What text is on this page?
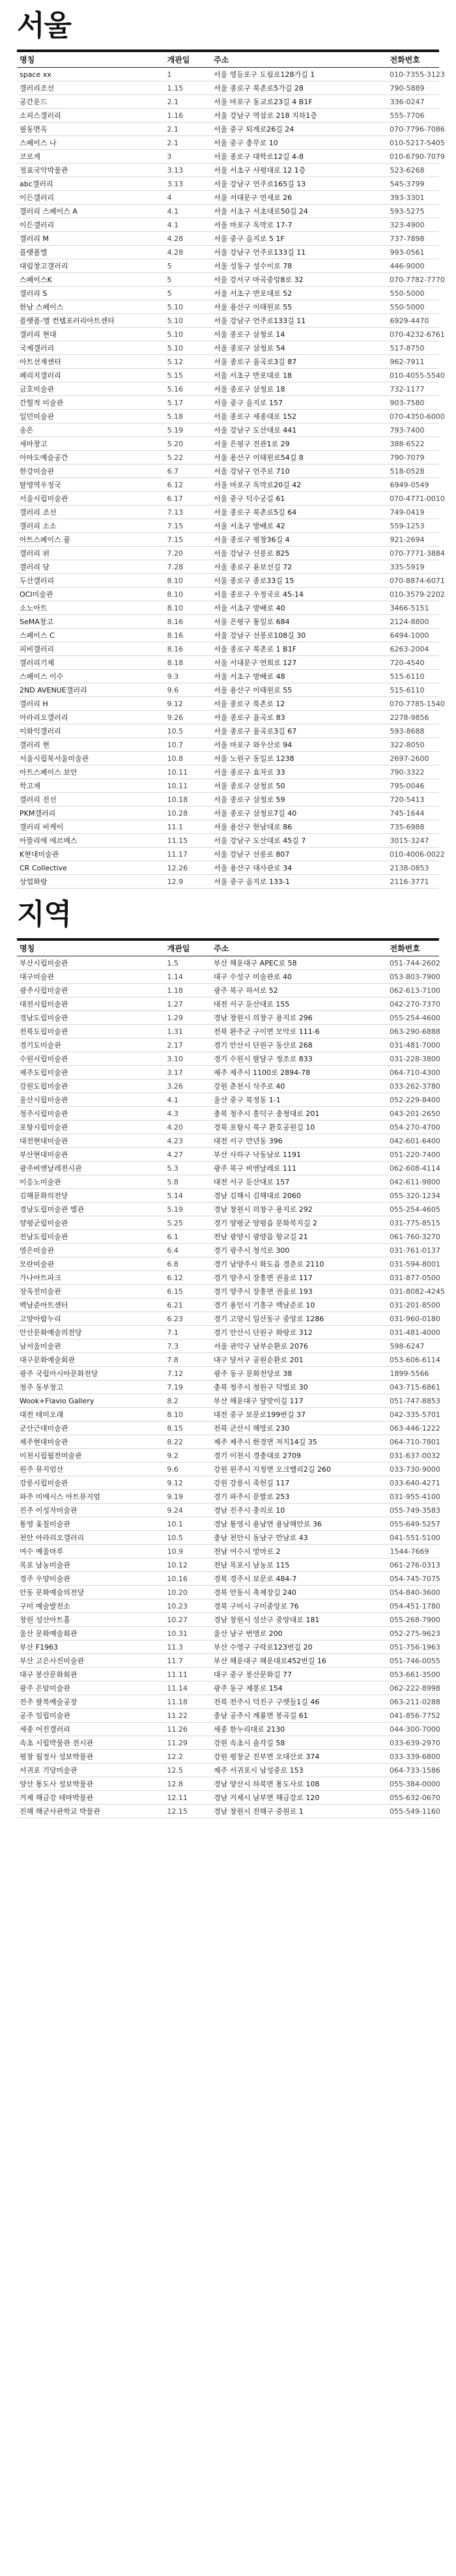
서울
명칭	개관일	주소	전화번호
space xx	1	서울 영등포구 도림로128가길 1	010-7355-3123
갤러리조선	1.15	서울 종로구 북촌로5가길 28	790-5889
공간운드	2.1	서울 마포구 동교로23길 4 B1F	336-0247
소피스갤러리	1.16	서울 강남구 역삼로 218 지하1층	555-7706
필동면옥	2.1	서울 중구 퇴계로26길 24	070-7796-7086
스페이스 나	2.1	서울 중구 충무로 10	010-5217-5405
코로게	3	서울 종로구 대학로12길 4-8	010-6790-7079
정표국악박물관	3.13	서울 서초구 사평대로 12 1층	523-6268
abc갤러리	3.13	서울 강남구 언주로165길 13	545-3799
이든갤러리	4	서울 서대문구 연세로 26	393-3301
갤러리 스페이스 A	4.1	서울 서초구 서초대로50길 24	593-5275
이든갤러리	4.1	서울 마포구 독막로 17-7	323-4900
갤러리 M	4.28	서울 중구 을지로 5 1F	737-7898
플랫폼엘	4.28	서울 강남구 언주로133길 11	993-0561
대림창고갤러리	5	서울 성동구 성수이로 78	446-9000
스페이스K	5	서울 강서구 마곡중앙8로 32	070-7782-7770
갤러리 S	5	서울 서초구 반포대로 52	550-5000
한남 스페이스	5.10	서울 용산구 이태원로 55	550-5000
플랫폼-엘 컨템포러리아트센터	5.10	서울 강남구 언주로133길 11	6929-4470
갤러리 현대	5.10	서울 종로구 삼청로 14	070-4232-6761
국제갤러리	5.10	서울 종로구 삼청로 54	517-8750
아트선재센터	5.12	서울 종로구 율곡로3길 87	962-7911
페리지갤러리	5.15	서울 서초구 반포대로 18	010-4055-5540
금호미술관	5.16	서울 종로구 삼청로 18	732-1177
간헐적 미술관	5.17	서울 중구 을지로 157	903-7580
일민미술관	5.18	서울 종로구 세종대로 152	070-4350-6000
송은	5.19	서울 강남구 도산대로 441	793-7400
세마창고	5.20	서울 은평구 진관1로 29	388-6522
아마도예술공간	5.22	서울 용산구 이태원로54길 8	790-7079
한강미술관	6.7	서울 강남구 언주로 710	518-0528
탈영역우정국	6.12	서울 마포구 독막로20길 42	6949-0549
서울시립미술관	6.17	서울 중구 덕수궁길 61	070-4771-0010
갤러리 조선	7.13	서울 종로구 북촌로5길 64	749-0419
갤러리 소소	7.15	서울 서초구 방배로 42	559-1253
아트스페이스 풀	7.15	서울 종로구 평창36길 4	921-2694
갤러리 위	7.20	서울 강남구 선릉로 825	070-7771-3884
갤러리 담	7.28	서울 종로구 윤보선길 72	335-5919
두산갤러리	8.10	서울 종로구 종로33길 15	070-8874-6071
OCI미술관	8.10	서울 종로구 우정국로 45-14	010-3579-2202
소노아트	8.10	서울 서초구 방배로 40	3466-5151
SeMA창고	8.16	서울 은평구 통일로 684	2124-8800
스페이스 C	8.16	서울 강남구 선릉로108길 30	6494-1000
피비갤러리	8.16	서울 종로구 북촌로 1 B1F	6263-2004
갤러리기체	8.18	서울 서대문구 연희로 127	720-4540
스페이스 이수	9.3	서울 서초구 방배로 48	515-6110
2ND AVENUE갤러리	9.6	서울 용산구 이태원로 55	515-6110
갤러리 H	9.12	서울 종로구 북촌로 12	070-7785-1540
아라리오갤러리	9.26	서울 종로구 율곡로 83	2278-9856
이화익갤러리	10.5	서울 종로구 율곡로3길 67	593-8688
갤러리 현	10.7	서울 마포구 와우산로 94	322-8050
서울시립북서울미술관	10.8	서울 노원구 동일로 1238	2697-2600
아트스페이스 보안	10.11	서울 종로구 효자로 33	790-3322
학고재	10.11	서울 종로구 삼청로 50	795-0046
갤러리 진선	10.18	서울 종로구 삼청로 59	720-5413
PKM갤러리	10.28	서울 종로구 삼청로7길 40	745-1644
갤러리 비케이	11.1	서울 용산구 한남대로 86	735-6988
아뜰리에 에르메스	11.15	서울 강남구 도산대로 45길 7	3015-3247
K현대미술관	11.17	서울 강남구 선릉로 807	010-4006-0022
CR Collective	12.26	서울 용산구 대사관로 34	2138-0853
상업화랑	12.9	서울 중구 을지로 133-1	2116-3771
지역
명칭	개관일	주소	전화번호
부산시립미술관	1.5	부산 해운대구 APEC로 58	051-744-2602
대구미술관	1.14	대구 수성구 미술관로 40	053-803-7900
광주시립미술관	1.18	광주 북구 하서로 52	062-613-7100
대전시립미술관	1.27	대전 서구 둔산대로 155	042-270-7370
경남도립미술관	1.29	경남 창원시 의창구 용지로 296	055-254-4600
전북도립미술관	1.31	전북 완주군 구이면 모악로 111-6	063-290-6888
경기도미술관	2.17	경기 안산시 단원구 동산로 268	031-481-7000
수원시립미술관	3.10	경기 수원시 팔달구 정조로 833	031-228-3800
제주도립미술관	3.17	제주 제주시 1100로 2894-78	064-710-4300
강원도립미술관	3.26	강원 춘천시 삭주로 40	033-262-3780
울산시립미술관	4.1	울산 중구 북정동 1-1	052-229-8400
청주시립미술관	4.3	충북 청주시 흥덕구 충청대로 201	043-201-2650
포항시립미술관	4.20	경북 포항시 북구 환호공원길 10	054-270-4700
대전현대미술관	4.23	대전 서구 만년동 396	042-601-6400
부산현대미술관	4.27	부산 사하구 낙동남로 1191	051-220-7400
광주비엔날레전시관	5.3	광주 북구 비엔날레로 111	062-608-4114
이응노미술관	5.8	대전 서구 둔산대로 157	042-611-9800
김해문화의전당	5.14	경남 김해시 김해대로 2060	055-320-1234
경남도립미술관 별관	5.19	경남 창원시 의창구 용지로 292	055-254-4605
양평군립미술관	5.25	경기 양평군 양평읍 문화복지길 2	031-775-8515
전남도립미술관	6.1	전남 광양시 광양읍 항교길 21	061-760-3270
영은미술관	6.4	경기 광주시 청석로 300	031-761-0137
모란미술관	6.8	경기 남양주시 화도읍 경춘로 2110	031-594-8001
가나아트파크	6.12	경기 양주시 장흥면 권율로 117	031-877-0500
장욱진미술관	6.15	경기 양주시 장흥면 권율로 193	031-8082-4245
백남준아트센터	6.21	경기 용인시 기흥구 백남준로 10	031-201-8500
고양아람누리	6.23	경기 고양시 일산동구 중앙로 1286	031-960-0180
안산문화예술의전당	7.1	경기 안산시 단원구 화랑로 312	031-481-4000
남서울미술관	7.3	서울 관악구 남부순환로 2076	598-6247
대구문화예술회관	7.8	대구 달서구 공원순환로 201	053-606-6114
광주 국립아시아문화전당	7.12	광주 동구 문화전당로 38	1899-5566
청주 동부창고	7.19	충북 청주시 청원구 덕벌로 30	043-715-6861
Wook+Flavio Gallery	8.2	부산 해운대구 달맞이길 117	051-747-8853
대전 테미오래	8.10	대전 중구 보문로199번길 37	042-335-5701
군산근대미술관	8.15	전북 군산시 해망로 230	063-446-1222
제주현대미술관	8.22	제주 제주시 한경면 저지14길 35	064-710-7801
이천시립월전미술관	9.2	경기 이천시 경충대로 2709	031-637-0032
원주 뮤지엄산	9.6	강원 원주시 지정면 오크밸리2길 260	033-730-9000
강릉시립미술관	9.12	강원 강릉시 죽헌길 117	033-640-4271
파주 미메시스 아트뮤지엄	9.19	경기 파주시 문발로 253	031-955-4100
진주 이성자미술관	9.24	경남 진주시 충의로 10	055-749-3583
통영 옻칠미술관	10.1	경남 통영시 용남면 용남해안로 36	055-649-5257
천안 아라리오갤러리	10.5	충남 천안시 동남구 만남로 43	041-551-5100
여수 예울마루	10.9	전남 여수시 망마로 2	1544-7669
목포 남농미술관	10.12	전남 목포시 남농로 115	061-276-0313
경주 우양미술관	10.16	경북 경주시 보문로 484-7	054-745-7075
안동 문화예술의전당	10.20	경북 안동시 축제장길 240	054-840-3600
구미 예술발전소	10.23	경북 구미시 구미중앙로 76	054-451-1780
창원 성산아트홀	10.27	경남 창원시 성산구 중앙대로 181	055-268-7900
울산 문화예술회관	10.31	울산 남구 번영로 200	052-275-9623
부산 F1963	11.3	부산 수영구 구락로123번길 20	051-756-1963
부산 고은사진미술관	11.7	부산 해운대구 해운대로452번길 16	051-746-0055
대구 봉산문화회관	11.11	대구 중구 봉산문화길 77	053-661-3500
광주 은암미술관	11.14	광주 동구 제봉로 154	062-222-8998
전주 팔복예술공장	11.18	전북 전주시 덕진구 구렛들1길 46	063-211-0288
공주 임립미술관	11.22	충남 공주시 계룡면 봉곡길 61	041-856-7752
세종 어진갤러리	11.26	세종 한누리대로 2130	044-300-7000
속초 시립박물관 전시관	11.29	강원 속초시 솔각길 58	033-639-2970
평창 월정사 성보박물관	12.2	강원 평창군 진부면 오대산로 374	033-339-6800
서귀포 기당미술관	12.5	제주 서귀포시 남성중로 153	064-733-1586
양산 통도사 성보박물관	12.8	경남 양산시 하북면 통도사로 108	055-384-0000
거제 해금강 테마박물관	12.11	경남 거제시 남부면 해금강로 120	055-632-0670
진해 해군사관학교 박물관	12.15	경남 창원시 진해구 중원로 1	055-549-1160
